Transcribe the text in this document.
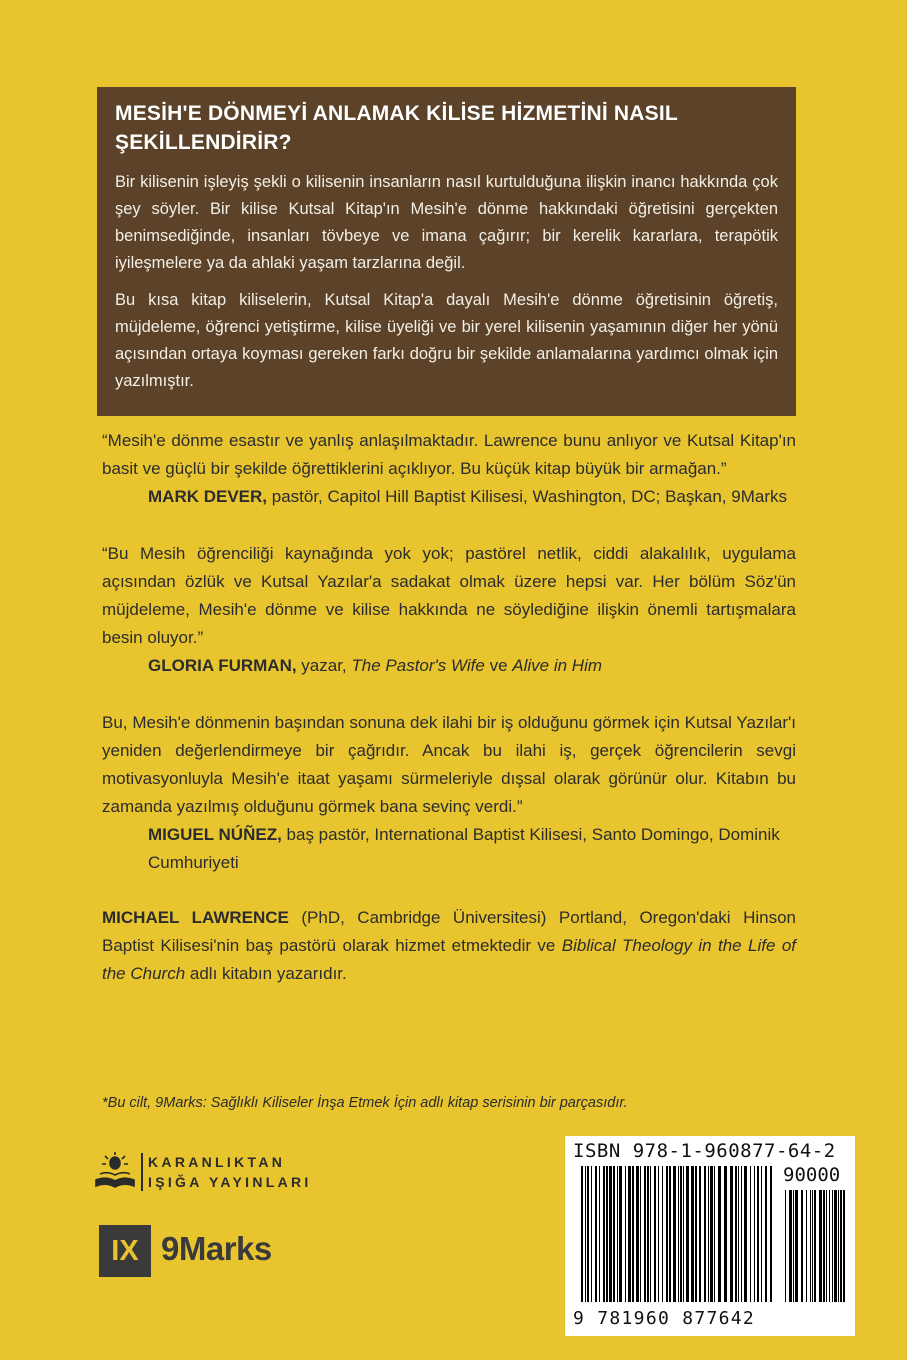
MESİH'E DÖNMEYİ ANLAMAK KİLİSE HİZMETİNİ NASIL
ŞEKİLLENDİRİR?

Bir kilisenin işleyiş şekli o kilisenin insanların nasıl kurtulduğuna ilişkin inancı hakkında çok şey söyler. Bir kilise Kutsal Kitap'ın Mesih'e dönme hakkındaki öğretisini gerçekten benimsediğinde, insanları tövbeye ve imana çağırır; bir kerelik kararlara, terapötik iyileşmelere ya da ahlaki yaşam tarzlarına değil.

Bu kısa kitap kiliselerin, Kutsal Kitap'a dayalı Mesih'e dönme öğretisinin öğretiş, müjdeleme, öğrenci yetiştirme, kilise üyeliği ve bir yerel kilisenin yaşamının diğer her yönü açısından ortaya koyması gereken farkı doğru bir şekilde anlamalarına yardımcı olmak için yazılmıştır.

“Mesih'e dönme esastır ve yanlış anlaşılmaktadır. Lawrence bunu anlıyor ve Kutsal Kitap'ın basit ve güçlü bir şekilde öğrettiklerini açıklıyor. Bu küçük kitap büyük bir armağan.”

MARK DEVER, pastör, Capitol Hill Baptist Kilisesi, Washington, DC; Başkan, 9Marks

“Bu Mesih öğrenciliği kaynağında yok yok; pastörel netlik, ciddi alakalılık, uygulama açısından özlük ve Kutsal Yazılar'a sadakat olmak üzere hepsi var. Her bölüm Söz'ün müjdeleme, Mesih'e dönme ve kilise hakkında ne söylediğine ilişkin önemli tartışmalara besin oluyor.”

GLORIA FURMAN, yazar, The Pastor's Wife ve Alive in Him

Bu, Mesih'e dönmenin başından sonuna dek ilahi bir iş olduğunu görmek için Kutsal Yazılar'ı yeniden değerlendirmeye bir çağrıdır. Ancak bu ilahi iş, gerçek öğrencilerin sevgi motivasyonluyla Mesih'e itaat yaşamı sürmeleriyle dışsal olarak görünür olur. Kitabın bu zamanda yazılmış olduğunu görmek bana sevinç verdi.”

MIGUEL NÚÑEZ, baş pastör, International Baptist Kilisesi, Santo Domingo, Dominik Cumhuriyeti

MICHAEL LAWRENCE (PhD, Cambridge Üniversitesi) Portland, Oregon'daki Hinson Baptist Kilisesi'nin baş pastörü olarak hizmet etmektedir ve Biblical Theology in the Life of the Church adlı kitabın yazarıdır.

*Bu cilt, 9Marks: Sağlıklı Kiliseler İnşa Etmek İçin adlı kitap serisinin bir parçasıdır.
KARANLIKTAN
IŞIĞA YAYINLARI
IX 9Marks
ISBN 978-1-960877-64-2
90000
9 781960 877642
